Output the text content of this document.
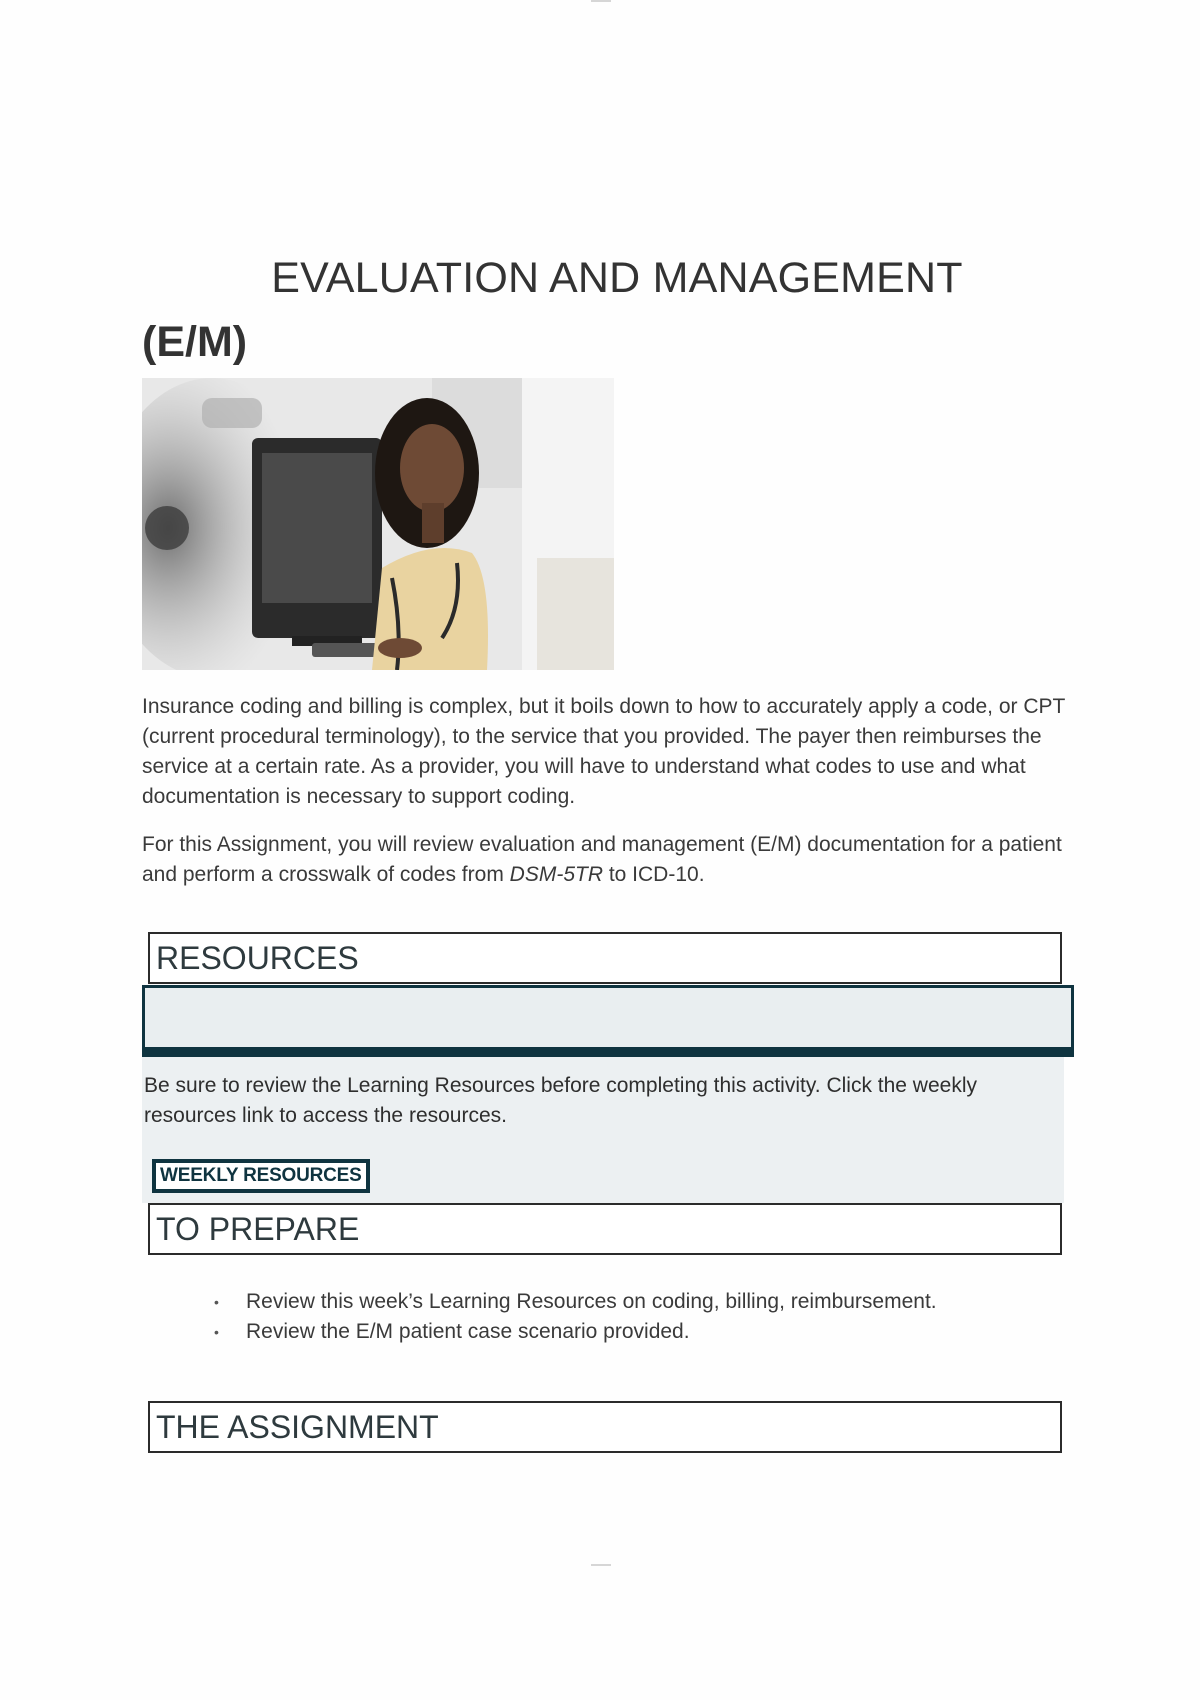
EVALUATION AND MANAGEMENT
(E/M)

Insurance coding and billing is complex, but it boils down to how to accurately apply a code, or CPT (current procedural terminology), to the service that you provided. The payer then reimburses the service at a certain rate. As a provider, you will have to understand what codes to use and what documentation is necessary to support coding.

For this Assignment, you will review evaluation and management (E/M) documentation for a patient and perform a crosswalk of codes from DSM-5TR to ICD-10.

RESOURCES

Be sure to review the Learning Resources before completing this activity. Click the weekly resources link to access the resources.

WEEKLY RESOURCES
TO PREPARE
• Review this week’s Learning Resources on coding, billing, reimbursement.
• Review the E/M patient case scenario provided.
THE ASSIGNMENT
